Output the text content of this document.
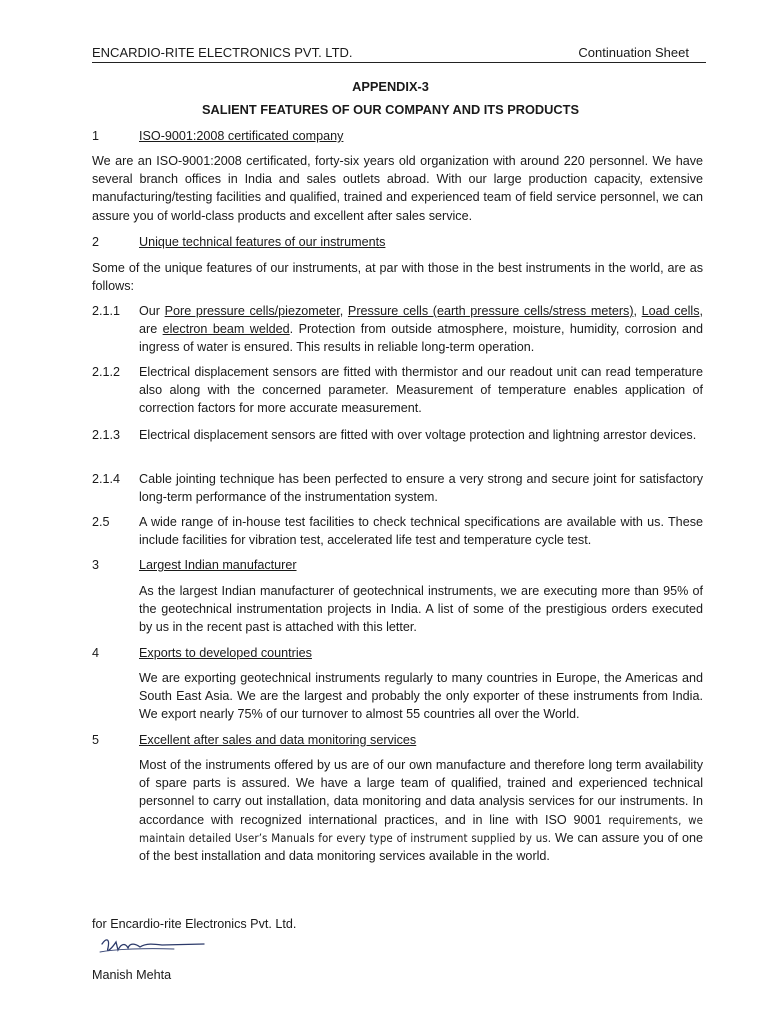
ENCARDIO-RITE ELECTRONICS PVT. LTD.	Continuation Sheet
APPENDIX-3
SALIENT FEATURES OF OUR COMPANY AND ITS PRODUCTS
1	ISO-9001:2008 certificated company
We are an ISO-9001:2008 certificated, forty-six years old organization with around 220 personnel. We have several branch offices in India and sales outlets abroad. With our large production capacity, extensive manufacturing/testing facilities and qualified, trained and experienced team of field service personnel, we can assure you of world-class products and excellent after sales service.
2	Unique technical features of our instruments
Some of the unique features of our instruments, at par with those in the best instruments in the world, are as follows:
2.1.1 Our Pore pressure cells/piezometer, Pressure cells (earth pressure cells/stress meters), Load cells, are electron beam welded. Protection from outside atmosphere, moisture, humidity, corrosion and ingress of water is ensured. This results in reliable long-term operation.
2.1.2 Electrical displacement sensors are fitted with thermistor and our readout unit can read temperature also along with the concerned parameter. Measurement of temperature enables application of correction factors for more accurate measurement.
2.1.3 Electrical displacement sensors are fitted with over voltage protection and lightning arrestor devices.
2.1.4 Cable jointing technique has been perfected to ensure a very strong and secure joint for satisfactory long-term performance of the instrumentation system.
2.5 A wide range of in-house test facilities to check technical specifications are available with us. These include facilities for vibration test, accelerated life test and temperature cycle test.
3	Largest Indian manufacturer
As the largest Indian manufacturer of geotechnical instruments, we are executing more than 95% of the geotechnical instrumentation projects in India. A list of some of the prestigious orders executed by us in the recent past is attached with this letter.
4	Exports to developed countries
We are exporting geotechnical instruments regularly to many countries in Europe, the Americas and South East Asia. We are the largest and probably the only exporter of these instruments from India. We export nearly 75% of our turnover to almost 55 countries all over the World.
5	Excellent after sales and data monitoring services
Most of the instruments offered by us are of our own manufacture and therefore long term availability of spare parts is assured. We have a large team of qualified, trained and experienced technical personnel to carry out installation, data monitoring and data analysis services for our instruments. In accordance with recognized international practices, and in line with ISO 9001 requirements, we maintain detailed User’s Manuals for every type of instrument supplied by us. We can assure you of one of the best installation and data monitoring services available in the world.
for Encardio-rite Electronics Pvt. Ltd.
Manish Mehta
